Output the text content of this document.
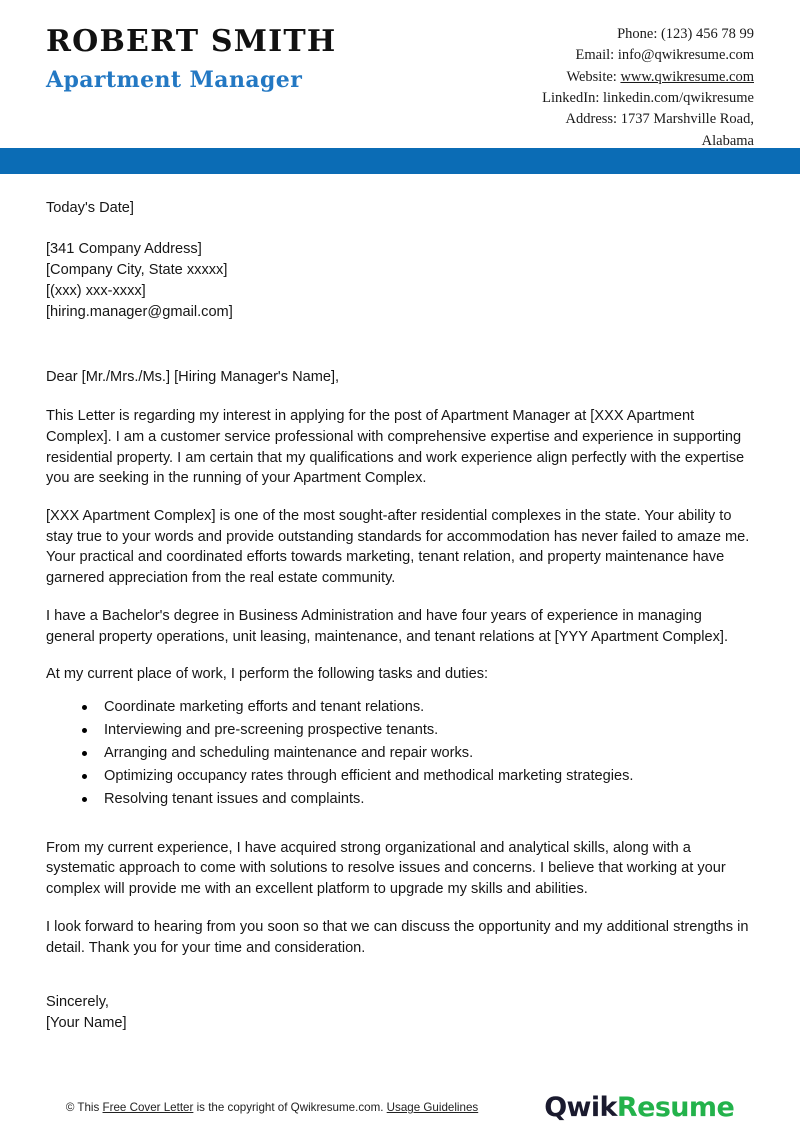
ROBERT SMITH
Apartment Manager
Phone: (123) 456 78 99
Email: info@qwikresume.com
Website: www.qwikresume.com
LinkedIn: linkedin.com/qwikresume
Address: 1737 Marshville Road,
Alabama
Today's Date]
[341 Company Address]
[Company City, State xxxxx]
[(xxx) xxx-xxxx]
[hiring.manager@gmail.com]
Dear [Mr./Mrs./Ms.] [Hiring Manager's Name],

This Letter is regarding my interest in applying for the post of Apartment Manager at [XXX Apartment Complex]. I am a customer service professional with comprehensive expertise and experience in supporting residential property. I am certain that my qualifications and work experience align perfectly with the expertise you are seeking in the running of your Apartment Complex.

[XXX Apartment Complex] is one of the most sought-after residential complexes in the state. Your ability to stay true to your words and provide outstanding standards for accommodation has never failed to amaze me. Your practical and coordinated efforts towards marketing, tenant relation, and property maintenance have garnered appreciation from the real estate community.

I have a Bachelor's degree in Business Administration and have four years of experience in managing general property operations, unit leasing, maintenance, and tenant relations at [YYY Apartment Complex].

At my current place of work, I perform the following tasks and duties:
Coordinate marketing efforts and tenant relations.
Interviewing and pre-screening prospective tenants.
Arranging and scheduling maintenance and repair works.
Optimizing occupancy rates through efficient and methodical marketing strategies.
Resolving tenant issues and complaints.

From my current experience, I have acquired strong organizational and analytical skills, along with a systematic approach to come with solutions to resolve issues and concerns. I believe that working at your complex will provide me with an excellent platform to upgrade my skills and abilities.

I look forward to hearing from you soon so that we can discuss the opportunity and my additional strengths in detail. Thank you for your time and consideration.

Sincerely,
[Your Name]
© This Free Cover Letter is the copyright of Qwikresume.com. Usage Guidelines QwikResume
